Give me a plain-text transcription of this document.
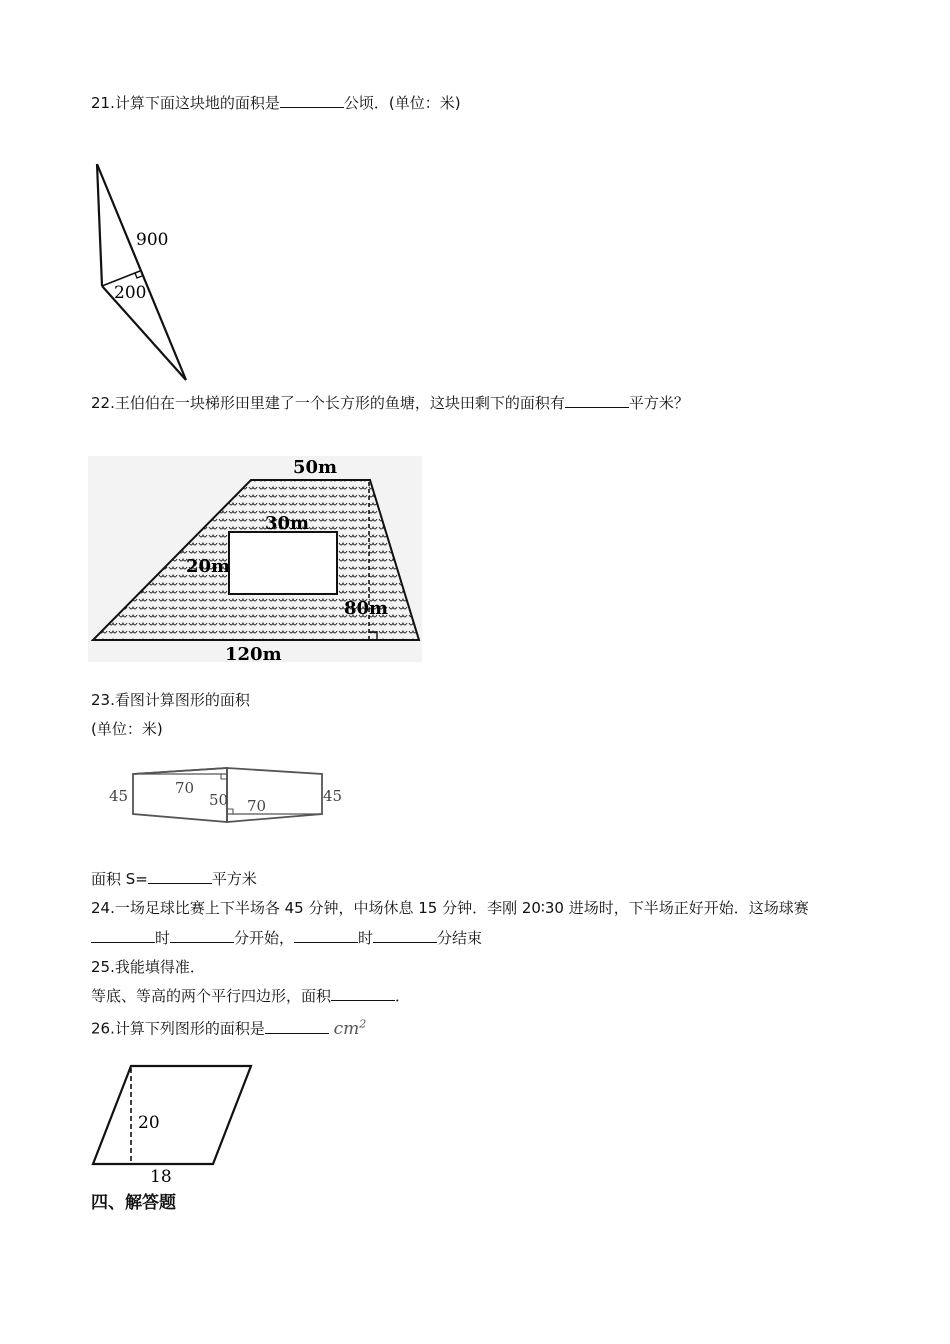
21.计算下面这块地的面积是	公顷．(单位：米)
900
200
22.王伯伯在一块梯形田里建了一个长方形的鱼塘，这块田剩下的面积有	平方米？
50m
30m
20m
80m
120m
23.看图计算图形的面积
(单位：米)
45	70
50 70
45
面积 S=	平方米
24.一场足球比赛上下半场各 45 分钟，中场休息 15 分钟．李刚 20∶30 进场时，下半场正好开始．这场球赛
时	分开始，	时	分结束
25.我能填得准．
等底、等高的两个平行四边形，面积	．
26.计算下列图形的面积是	$cm^2$
20
18
四、解答题
